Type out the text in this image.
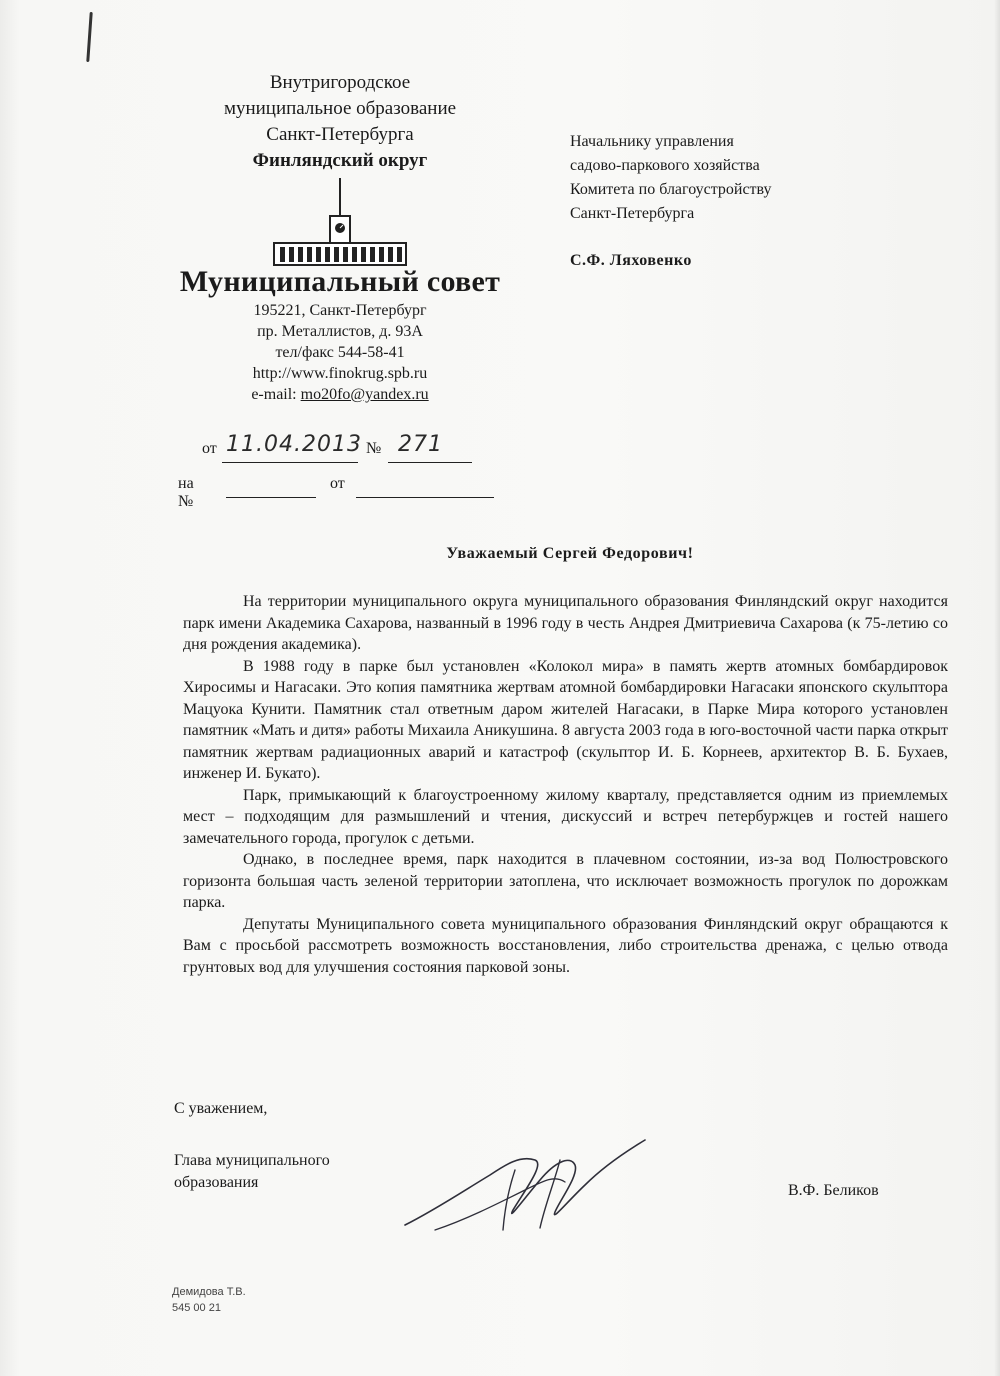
Внутригородское
муниципальное образование
Санкт-Петербурга
Финляндский округ
Муниципальный совет
195221, Санкт-Петербург
пр. Металлистов, д. 93А
тел/факс 544-58-41
http://www.finokrug.spb.ru
e-mail: mo20fo@yandex.ru
от 11.04.2013 № 271
на №
от
Начальнику управления
садово-паркового хозяйства
Комитета по благоустройству
Санкт-Петербурга
С.Ф. Ляховенко
Уважаемый Сергей Федорович!

На территории муниципального округа муниципального образования Финляндский округ находится парк имени Академика Сахарова, названный в 1996 году в честь Андрея Дмитриевича Сахарова (к 75-летию со дня рождения академика).

В 1988 году в парке был установлен «Колокол мира» в память жертв атомных бомбардировок Хиросимы и Нагасаки. Это копия памятника жертвам атомной бомбардировки Нагасаки японского скульптора Мацуока Кунити. Памятник стал ответным даром жителей Нагасаки, в Парке Мира которого установлен памятник «Мать и дитя» работы Михаила Аникушина. 8 августа 2003 года в юго-восточной части парка открыт памятник жертвам радиационных аварий и катастроф (скульптор И. Б. Корнеев, архитектор В. Б. Бухаев, инженер И. Букато).

Парк, примыкающий к благоустроенному жилому кварталу, представляется одним из приемлемых мест – подходящим для размышлений и чтения, дискуссий и встреч петербуржцев и гостей нашего замечательного города, прогулок с детьми.

Однако, в последнее время, парк находится в плачевном состоянии, из-за вод Полюстровского горизонта большая часть зеленой территории затоплена, что исключает возможность прогулок по дорожкам парка.

Депутаты Муниципального совета муниципального образования Финляндский округ обращаются к Вам с просьбой рассмотреть возможность восстановления, либо строительства дренажа, с целью отвода грунтовых вод для улучшения состояния парковой зоны.

С уважением,
Глава муниципального
образования	В.Ф. Беликов
Демидова Т.В.
545 00 21
